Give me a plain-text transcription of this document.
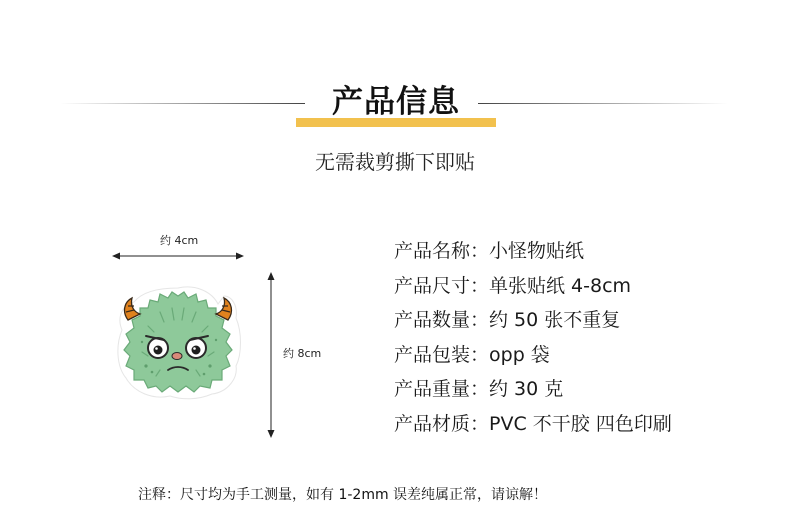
产品信息
无需裁剪撕下即贴
约 4cm
约 8cm
产品名称：小怪物贴纸
产品尺寸：单张贴纸 4-8cm
产品数量：约 50 张不重复
产品包装：opp 袋
产品重量：约 30 克
产品材质：PVC 不干胶 四色印刷
注释：尺寸均为手工测量，如有 1-2mm 误差纯属正常，请谅解！
